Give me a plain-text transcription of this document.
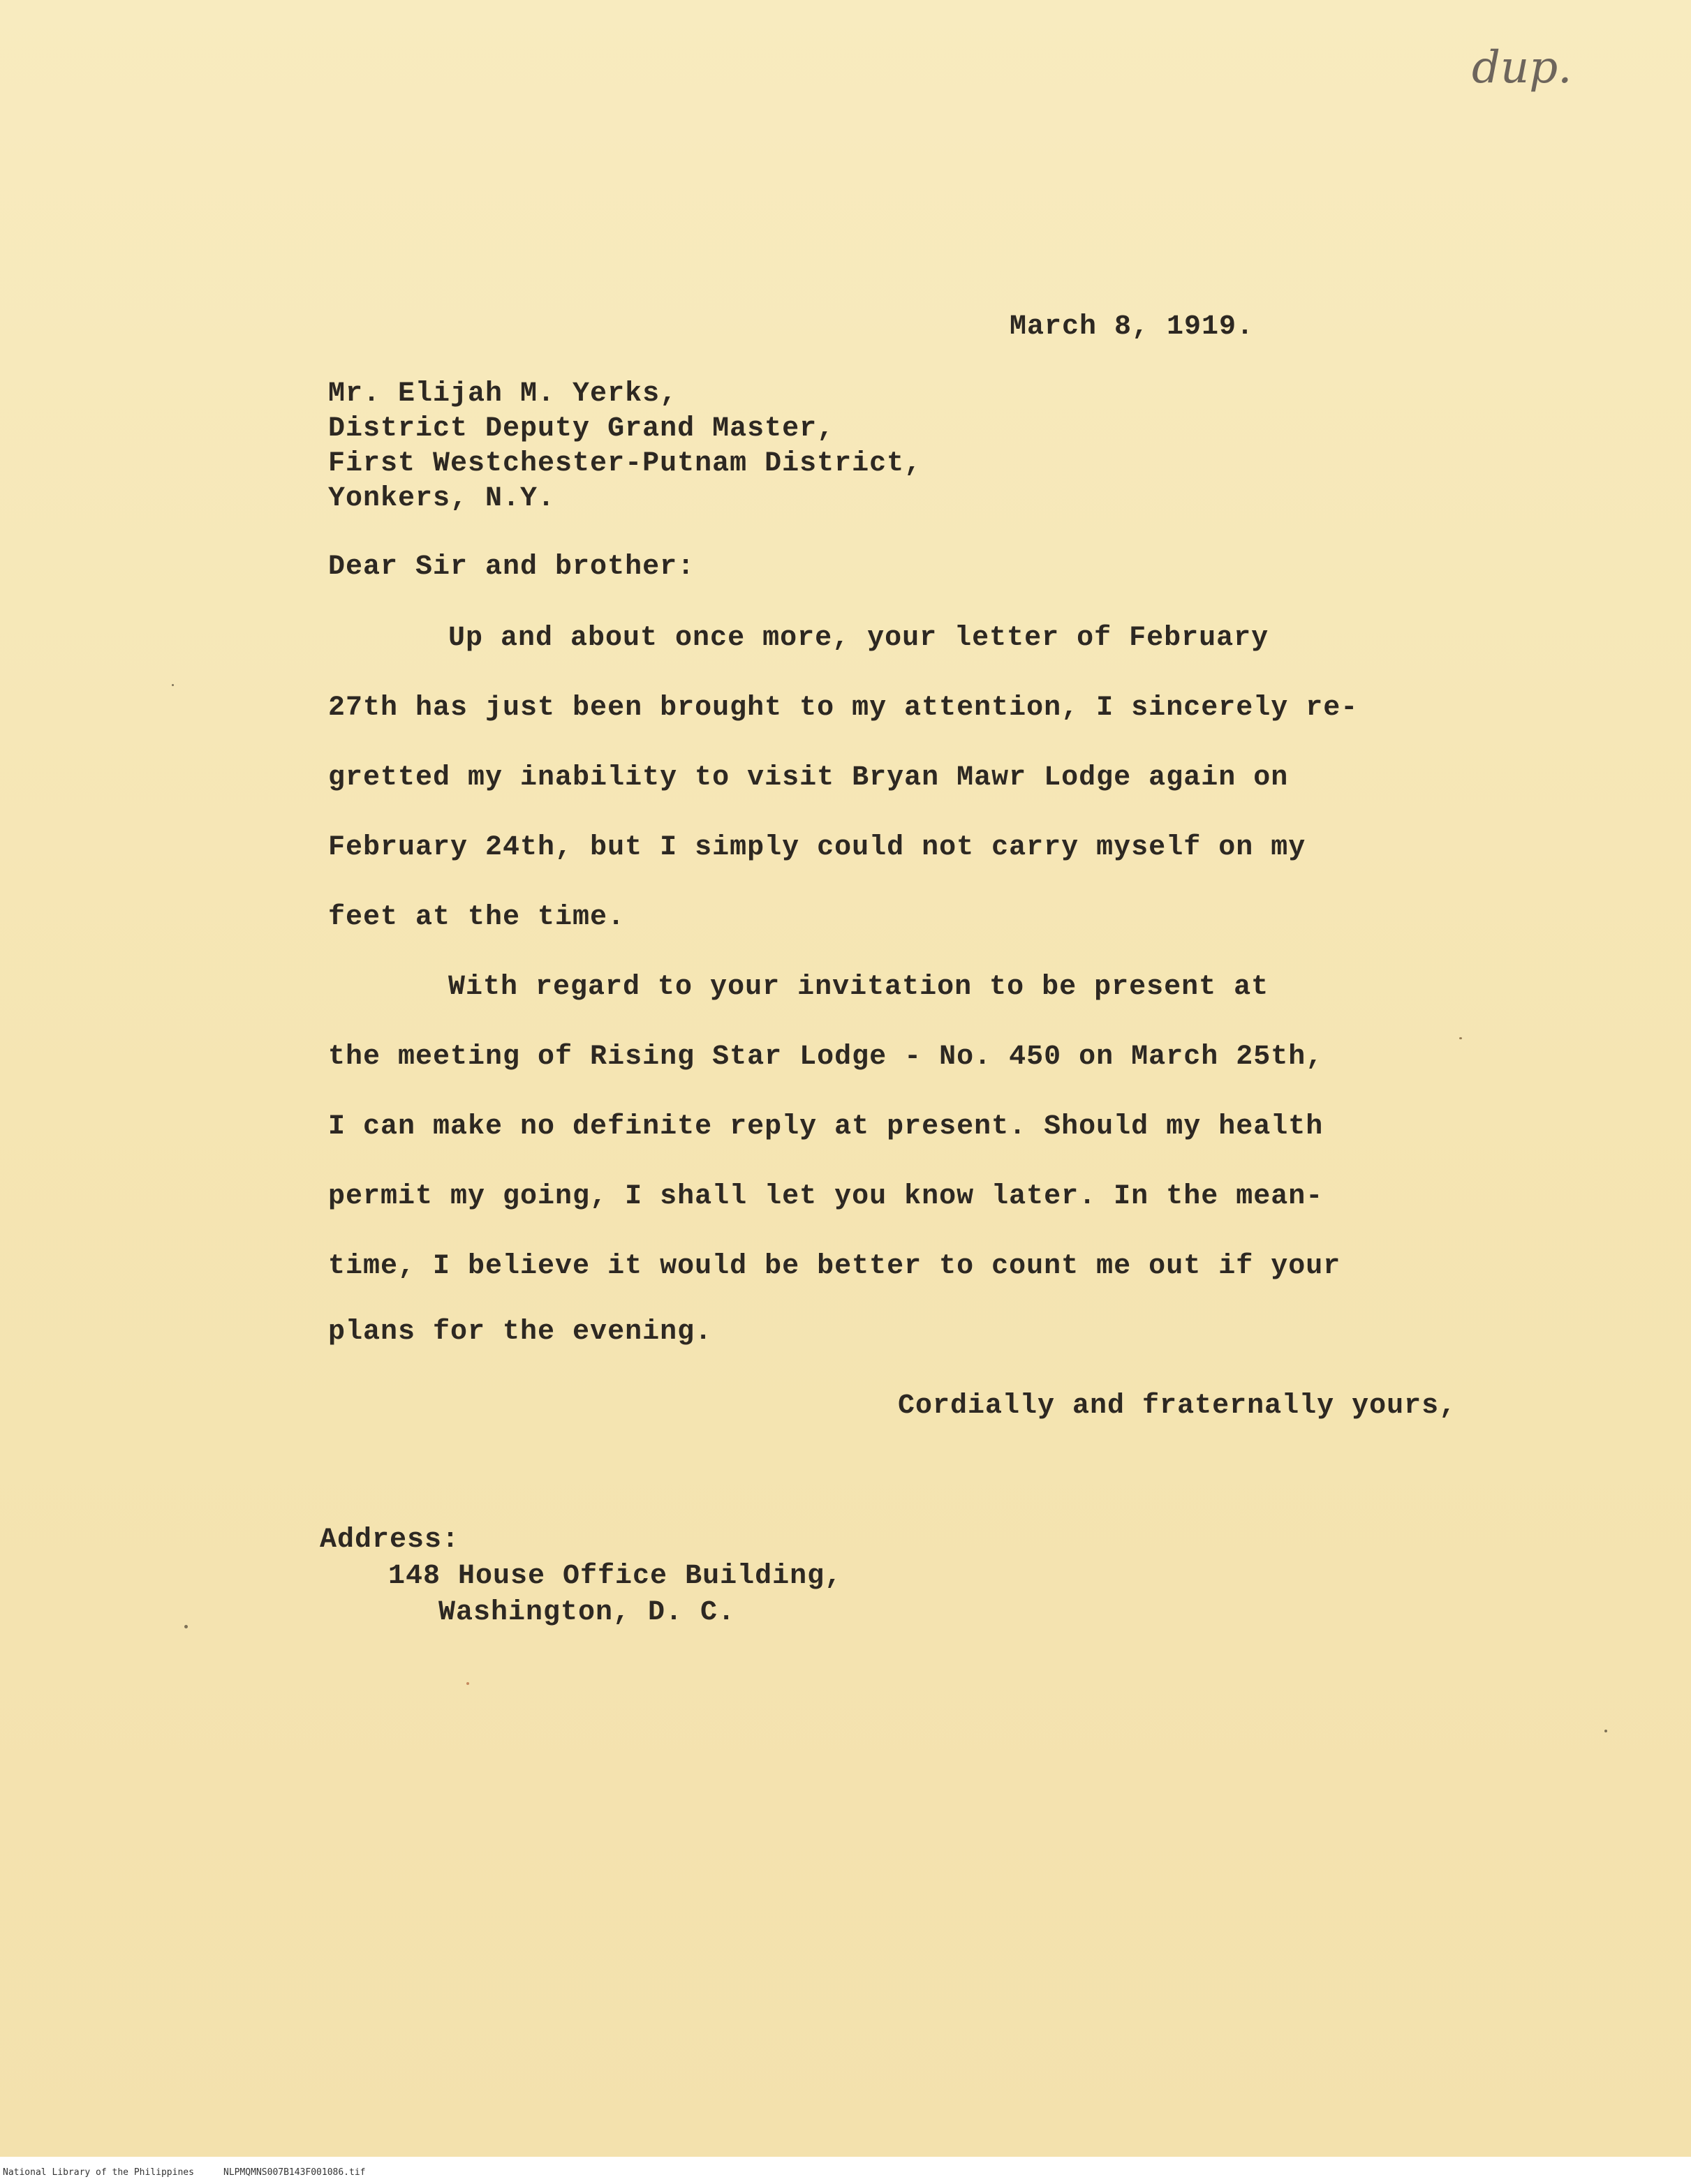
dup.
March 8, 1919.
Mr. Elijah M. Yerks,
District Deputy Grand Master,
First Westchester-Putnam District,
Yonkers, N.Y.
Dear Sir and brother:
Up and about once more, your letter of February
27th has just been brought to my attention, I sincerely re-
gretted my inability to visit Bryan Mawr Lodge again on
February 24th, but I simply could not carry myself on my
feet at the time.
With regard to your invitation to be present at
the meeting of Rising Star Lodge - No. 450 on March 25th,
I can make no definite reply at present. Should my health
permit my going, I shall let you know later. In the mean-
time, I believe it would be better to count me out if your
plans for the evening.
Cordially and fraternally yours,
Address:
148 House Office Building,
Washington, D. C.
National Library of the Philippines	NLPMQMNS007B143F001086.tif
